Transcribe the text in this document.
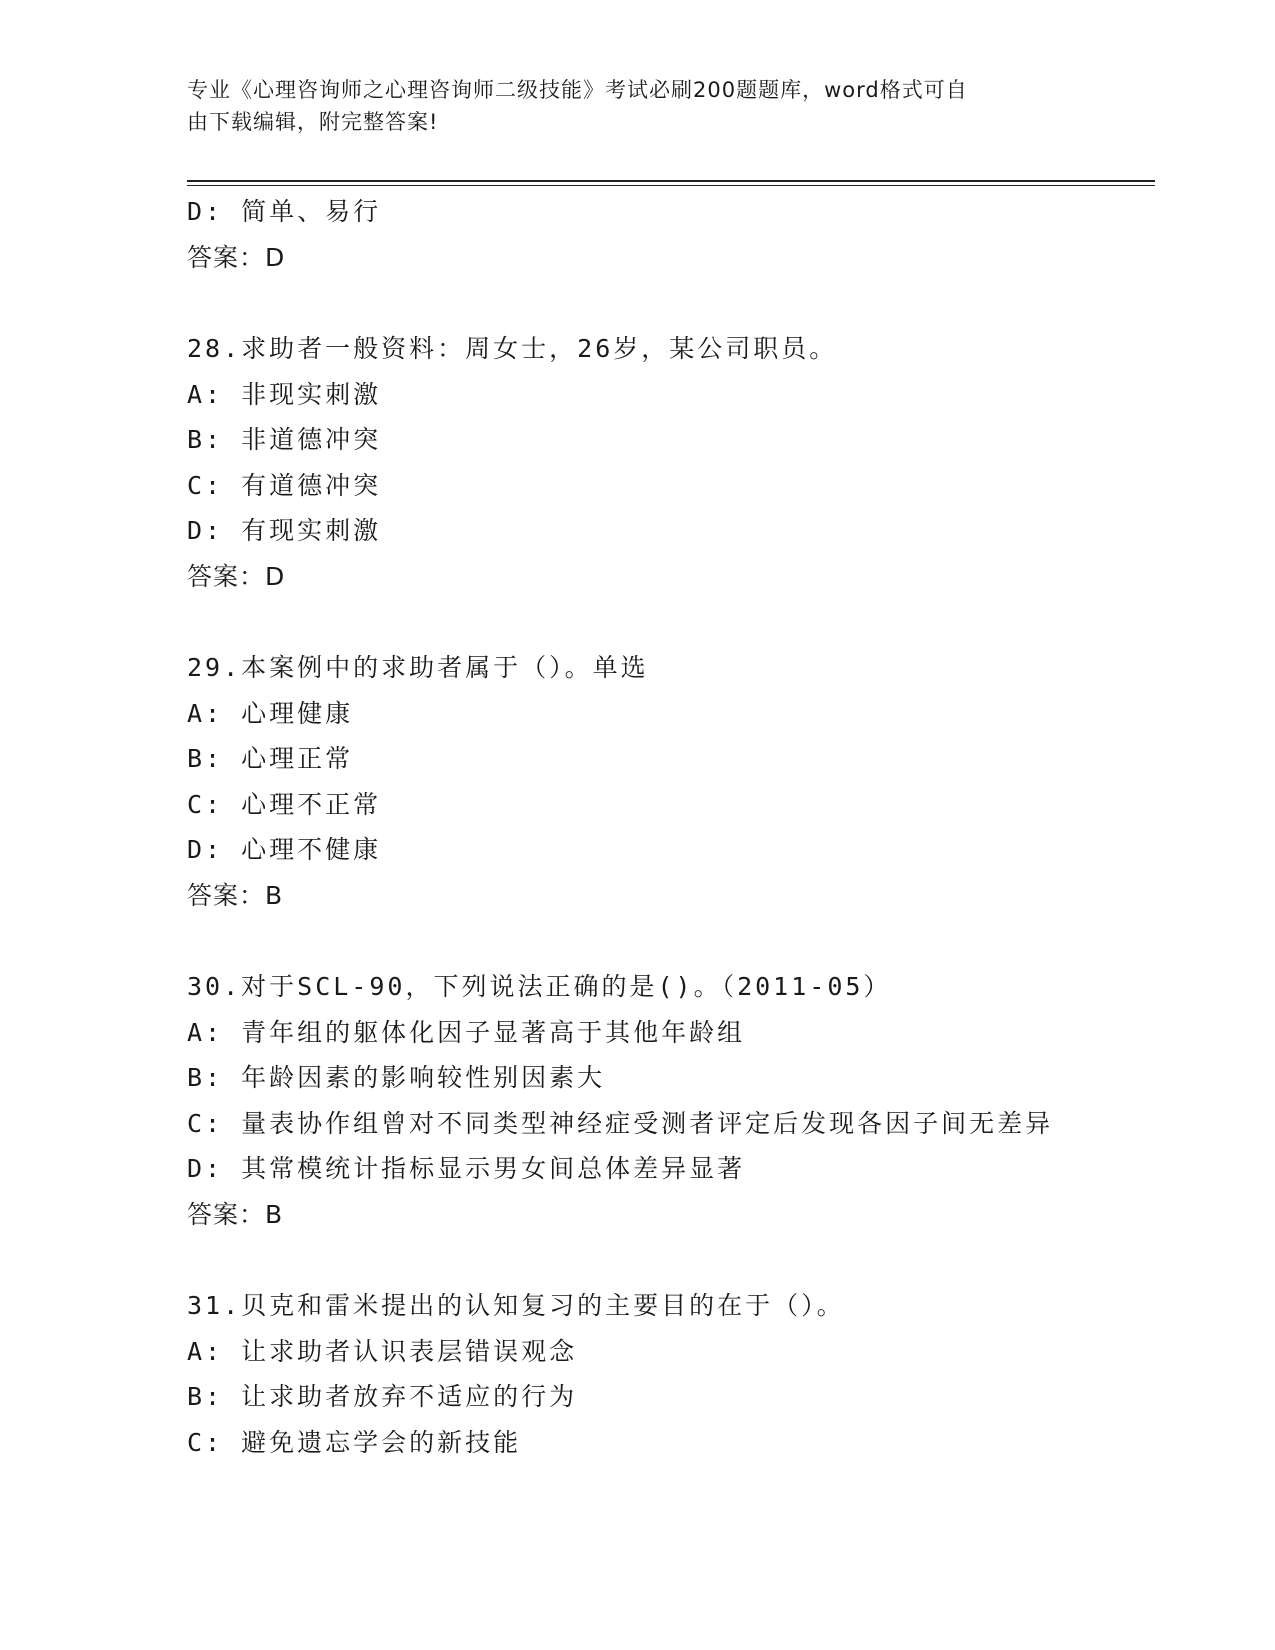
专业《心理咨询师之心理咨询师二级技能》考试必刷200题题库，word格式可自
由下载编辑，附完整答案!
D: 简单、易行
答案：D
28.求助者一般资料：周女士，26岁，某公司职员。
A: 非现实刺激
B: 非道德冲突
C: 有道德冲突
D: 有现实刺激
答案：D
29.本案例中的求助者属于（）。单选
A: 心理健康
B: 心理正常
C: 心理不正常
D: 心理不健康
答案：B
30.对于SCL-90，下列说法正确的是()。（2011-05）
A: 青年组的躯体化因子显著高于其他年龄组
B: 年龄因素的影响较性别因素大
C: 量表协作组曾对不同类型神经症受测者评定后发现各因子间无差异
D: 其常模统计指标显示男女间总体差异显著
答案：B
31.贝克和雷米提出的认知复习的主要目的在于（）。
A: 让求助者认识表层错误观念
B: 让求助者放弃不适应的行为
C: 避免遗忘学会的新技能
